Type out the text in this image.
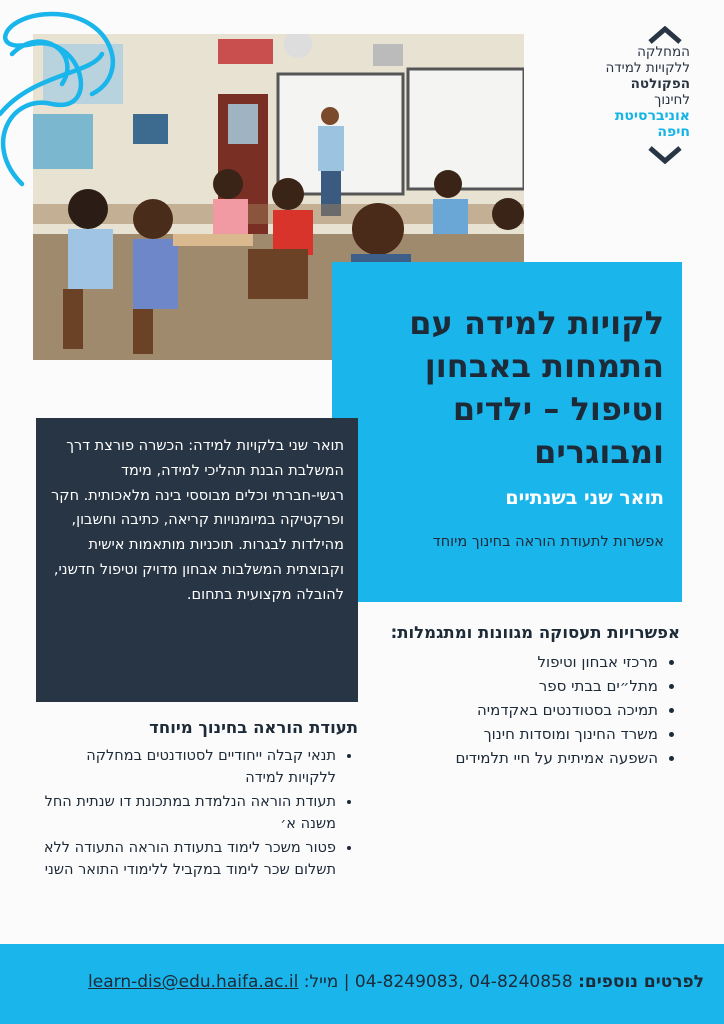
המחלקה
ללקויות למידה
הפקולטה
לחינוך
אוניברסיטת
חיפה
לקויות למידה עם התמחות באבחון וטיפול – ילדים ומבוגרים
תואר שני בשנתיים
אפשרות לתעודת הוראה בחינוך מיוחד

תואר שני בלקויות למידה: הכשרה פורצת דרך המשלבת הבנת תהליכי למידה, מימד רגשי-חברתי וכלים מבוססי בינה מלאכותית. חקר ופרקטיקה במיומנויות קריאה, כתיבה וחשבון, מהילדות לבגרות. תוכניות מותאמות אישית וקבוצתית המשלבות אבחון מדויק וטיפול חדשני, להובלה מקצועית בתחום.

אפשרויות תעסוקה מגוונות ומתגמלות:
• מרכזי אבחון וטיפול
• מתל״ים בבתי ספר
• תמיכה בסטודנטים באקדמיה
• משרד החינוך ומוסדות חינוך
• השפעה אמיתית על חיי תלמידים
תעודת הוראה בחינוך מיוחד
• תנאי קבלה ייחודיים לסטודנטים במחלקה ללקויות למידה
• תעודת הוראה הנלמדת במתכונת דו שנתית החל משנה א׳
• פטור משכר לימוד בתעודת הוראה התעודה ללא תשלום שכר לימוד במקביל ללימודי התואר השני
לפרטים נוספים: 04-8240858 ,04-8249083 | מייל: learn-dis@edu.haifa.ac.il
